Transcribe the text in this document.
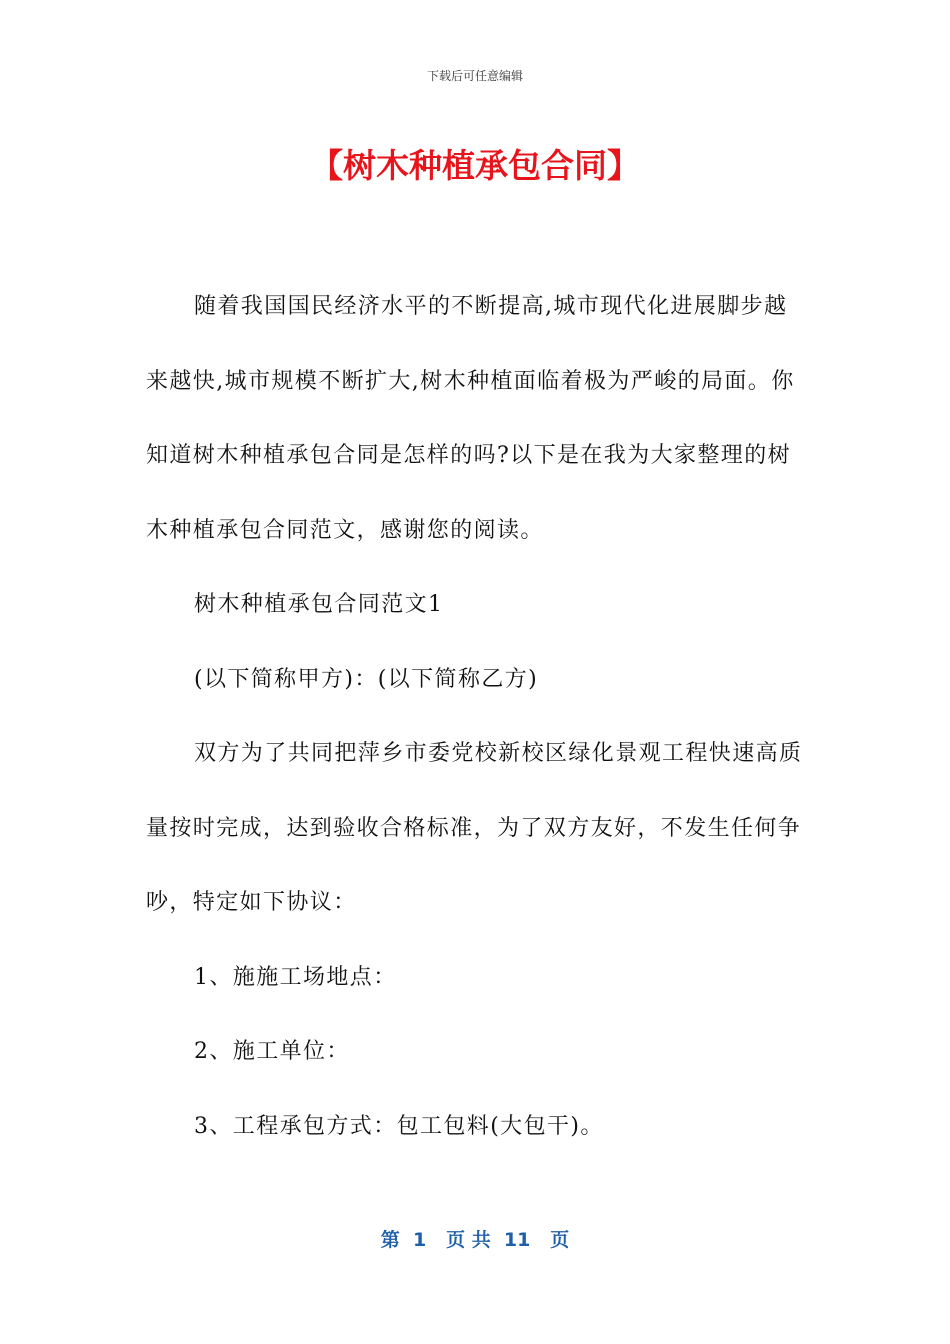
下载后可任意编辑
【树木种植承包合同】

随着我国国民经济水平的不断提高,城市现代化进展脚步越来越快,城市规模不断扩大,树木种植面临着极为严峻的局面。你知道树木种植承包合同是怎样的吗?以下是在我为大家整理的树木种植承包合同范文，感谢您的阅读。

树木种植承包合同范文1

(以下简称甲方)：(以下简称乙方)

双方为了共同把萍乡市委党校新校区绿化景观工程快速高质量按时完成，达到验收合格标准，为了双方友好，不发生任何争吵，特定如下协议：

1、施施工场地点：

2、施工单位：

3、工程承包方式：包工包料(大包干)。

第  1   页 共  11   页
